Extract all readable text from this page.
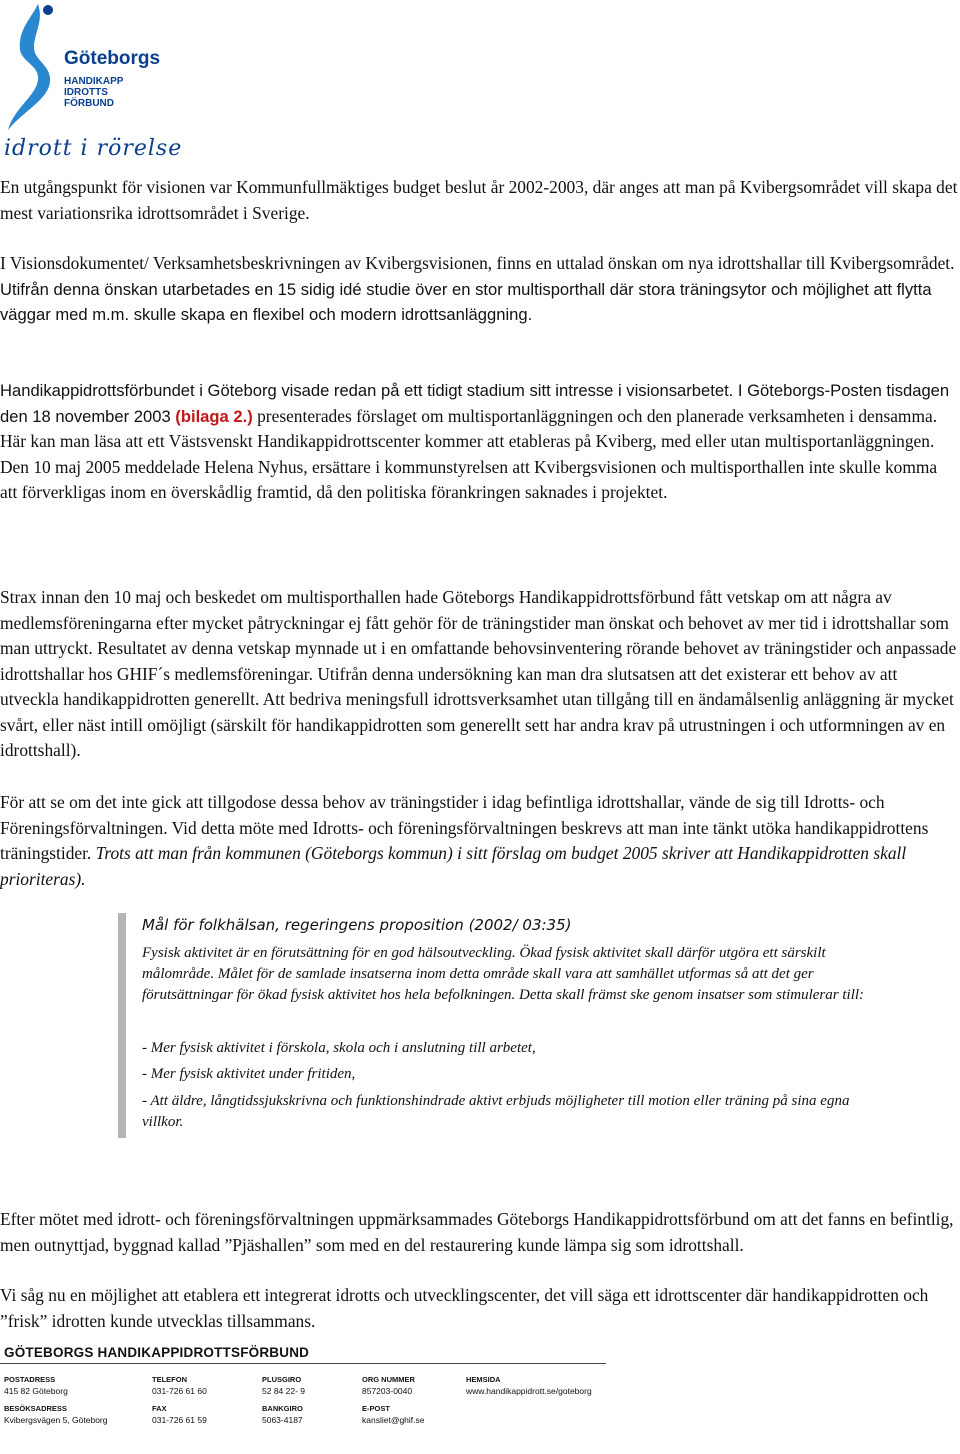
Göteborgs
HANDIKAPP
IDROTTS
FÖRBUND
idrott i rörelse

En utgångspunkt för visionen var Kommunfullmäktiges budget beslut år 2002-2003, där anges att man på Kvibergsområdet vill skapa det mest variationsrika idrottsområdet i Sverige.

I Visionsdokumentet/ Verksamhetsbeskrivningen av Kvibergsvisionen, finns en uttalad önskan om nya idrottshallar till Kvibergsområdet. Utifrån denna önskan utarbetades en 15 sidig idé studie över en stor multisporthall där stora träningsytor och möjlighet att flytta väggar med m.m. skulle skapa en flexibel och modern idrottsanläggning.

Handikappidrottsförbundet i Göteborg visade redan på ett tidigt stadium sitt intresse i visionsarbetet. I Göteborgs-Posten tisdagen den 18 november 2003 (bilaga 2.) presenterades förslaget om multisportanläggningen och den planerade verksamheten i densamma. Här kan man läsa att ett Västsvenskt Handikappidrottscenter kommer att etableras på Kviberg, med eller utan multisportanläggningen.
Den 10 maj 2005 meddelade Helena Nyhus, ersättare i kommunstyrelsen att Kvibergsvisionen och multisporthallen inte skulle komma att förverkligas inom en överskådlig framtid, då den politiska förankringen saknades i projektet.

Strax innan den 10 maj och beskedet om multisporthallen hade Göteborgs Handikappidrottsförbund fått vetskap om att några av medlemsföreningarna efter mycket påtryckningar ej fått gehör för de träningstider man önskat och behovet av mer tid i idrottshallar som man uttryckt. Resultatet av denna vetskap mynnade ut i en omfattande behovsinventering rörande behovet av träningstider och anpassade idrottshallar hos GHIF´s medlemsföreningar. Utifrån denna undersökning kan man dra slutsatsen att det existerar ett behov av att utveckla handikappidrotten generellt. Att bedriva meningsfull idrottsverksamhet utan tillgång till en ändamålsenlig anläggning är mycket svårt, eller näst intill omöjligt (särskilt för handikappidrotten som generellt sett har andra krav på utrustningen i och utformningen av en idrottshall).

För att se om det inte gick att tillgodose dessa behov av träningstider i idag befintliga idrottshallar, vände de sig till Idrotts- och Föreningsförvaltningen. Vid detta möte med Idrotts- och föreningsförvaltningen beskrevs att man inte tänkt utöka handikappidrottens träningstider. Trots att man från kommunen (Göteborgs kommun) i sitt förslag om budget 2005 skriver att Handikappidrotten skall prioriteras).

Mål för folkhälsan, regeringens proposition (2002/ 03:35)

Fysisk aktivitet är en förutsättning för en god hälsoutveckling. Ökad fysisk aktivitet skall därför utgöra ett särskilt målområde. Målet för de samlade insatserna inom detta område skall vara att samhället utformas så att det ger förutsättningar för ökad fysisk aktivitet hos hela befolkningen. Detta skall främst ske genom insatser som stimulerar till:

- Mer fysisk aktivitet i förskola, skola och i anslutning till arbetet,

- Mer fysisk aktivitet under fritiden,

- Att äldre, långtidssjukskrivna och funktionshindrade aktivt erbjuds möjligheter till motion eller träning på sina egna villkor.

Efter mötet med idrott- och föreningsförvaltningen uppmärksammades Göteborgs Handikappidrottsförbund om att det fanns en befintlig, men outnyttjad, byggnad kallad ”Pjäshallen” som med en del restaurering kunde lämpa sig som idrottshall.

Vi såg nu en möjlighet att etablera ett integrerat idrotts och utvecklingscenter, det vill säga ett idrottscenter där handikappidrotten och ”frisk” idrotten kunde utvecklas tillsammans.

GÖTEBORGS HANDIKAPPIDROTTSFÖRBUND
POSTADRESS
415 82 Göteborg
BESÖKSADRESS
Kvibergsvägen 5, Göteborg
TELEFON
031-726 61 60
FAX
031-726 61 59
PLUSGIRO
52 84 22- 9
BANKGIRO
5063-4187
ORG NUMMER
857203-0040
E-POST
kansliet@ghif.se
HEMSIDA
www.handikappidrott.se/goteborg
